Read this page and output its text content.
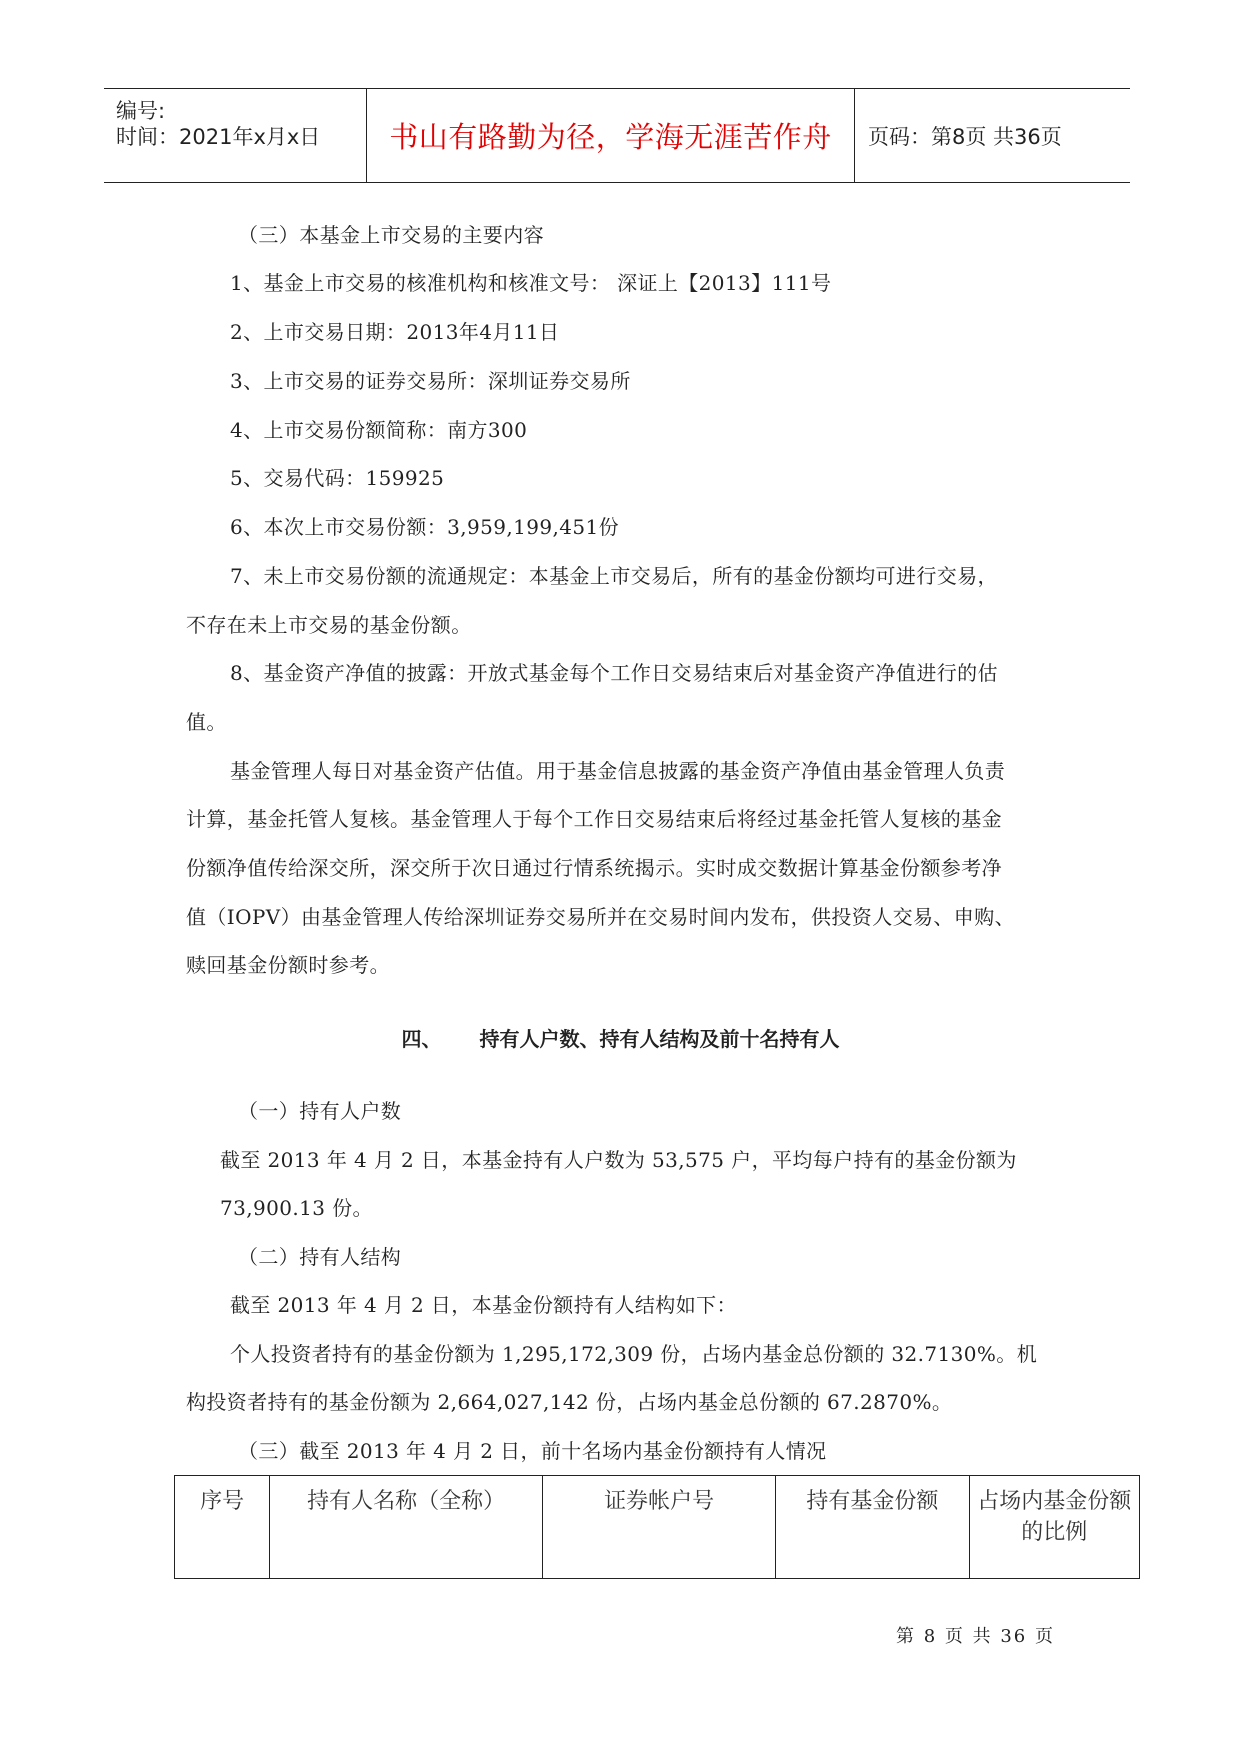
编号:
时间：2021年x月x日 书山有路勤为径，学海无涯苦作舟	页码：第8页 共36页
（三）本基金上市交易的主要内容
1、基金上市交易的核准机构和核准文号： 深证上【2013】111号
2、上市交易日期：2013年4月11日
3、上市交易的证券交易所：深圳证券交易所
4、上市交易份额简称：南方300
5、交易代码：159925
6、本次上市交易份额：3,959,199,451份
7、未上市交易份额的流通规定：本基金上市交易后，所有的基金份额均可进行交易，
不存在未上市交易的基金份额。
8、基金资产净值的披露：开放式基金每个工作日交易结束后对基金资产净值进行的估
值。
基金管理人每日对基金资产估值。用于基金信息披露的基金资产净值由基金管理人负责
计算，基金托管人复核。基金管理人于每个工作日交易结束后将经过基金托管人复核的基金
份额净值传给深交所，深交所于次日通过行情系统揭示。实时成交数据计算基金份额参考净
值（IOPV）由基金管理人传给深圳证券交易所并在交易时间内发布，供投资人交易、申购、
赎回基金份额时参考。
四、 持有人户数、持有人结构及前十名持有人
（一）持有人户数
截至 2013 年 4 月 2 日，本基金持有人户数为 53,575 户，平均每户持有的基金份额为
73,900.13 份。
（二）持有人结构
截至 2013 年 4 月 2 日，本基金份额持有人结构如下：
个人投资者持有的基金份额为 1,295,172,309 份，占场内基金总份额的 32.7130%。机
构投资者持有的基金份额为 2,664,027,142 份，占场内基金总份额的 67.2870%。
（三）截至 2013 年 4 月 2 日，前十名场内基金份额持有人情况
序号	持有人名称（全称）	证券帐户号	持有基金份额	占场内基金份额的比例
第 8 页 共 36 页
